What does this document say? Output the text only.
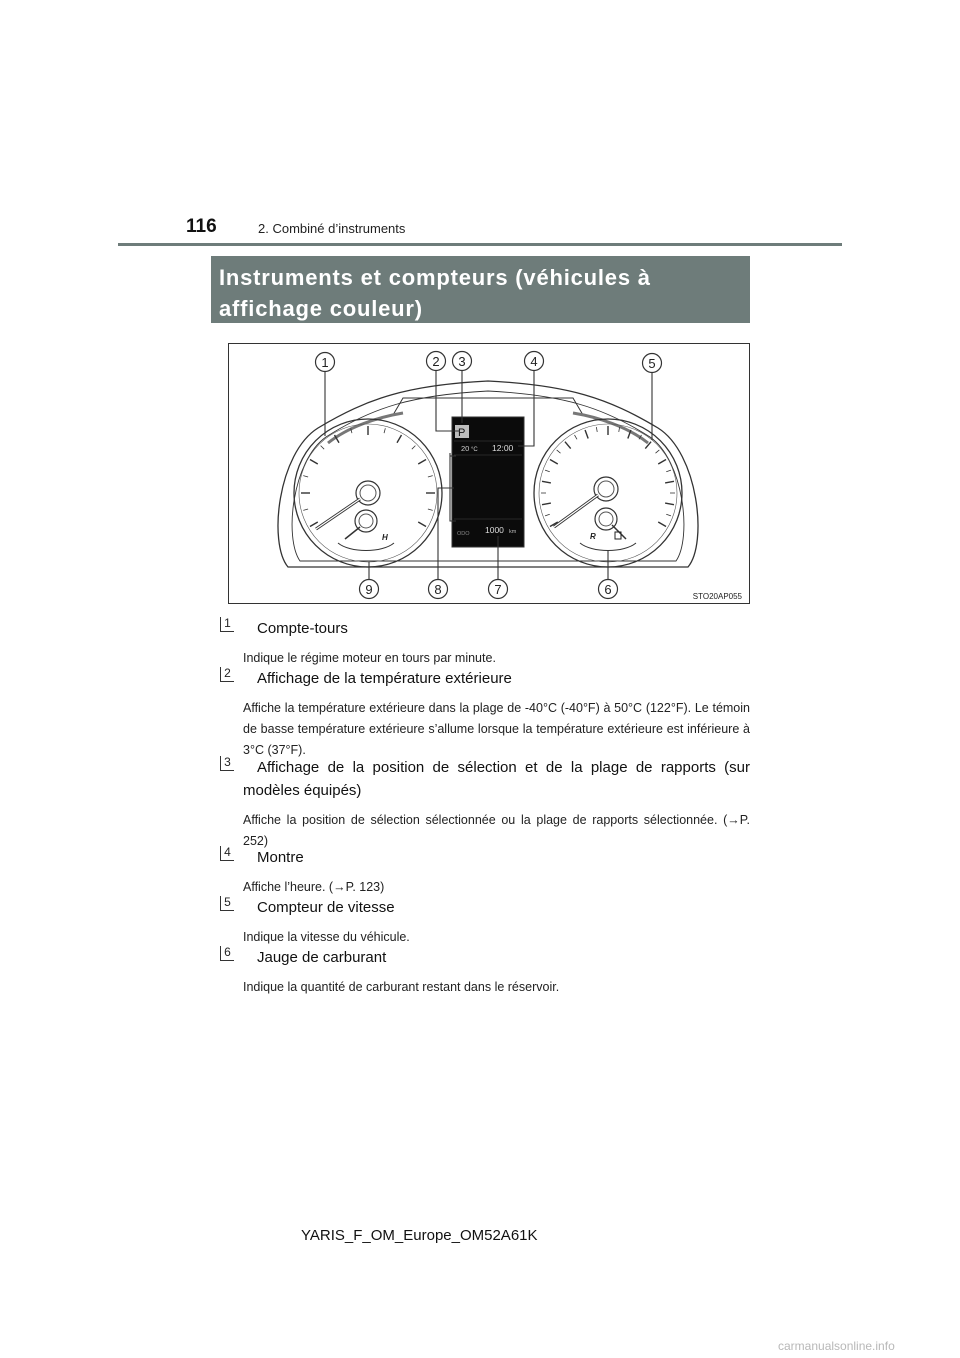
116	2. Combiné d’instruments
Instruments et compteurs (véhicules à
affichage couleur)
H	R
P
20 °C 12:00
ODO 1000 km
1	2 3	4	5
6
7
8
9	STO20AP055
1 Compte-tours
Indique le régime moteur en tours par minute.
2 Affichage de la température extérieure
Affiche la température extérieure dans la plage de -40°C (-40°F) à 50°C (122°F). Le témoin de basse température extérieure s’allume lorsque la température extérieure est inférieure à 3°C (37°F).
3	Affichage de la position de sélection et de la plage de rapports (sur modèles équipés)
Affiche la position de sélection sélectionnée ou la plage de rapports sélectionnée. (→P. 252)
4 Montre
Affiche l’heure. (→P. 123)
5 Compteur de vitesse
Indique la vitesse du véhicule.
6 Jauge de carburant
Indique la quantité de carburant restant dans le réservoir.
YARIS_F_OM_Europe_OM52A61K
carmanualsonline.info
